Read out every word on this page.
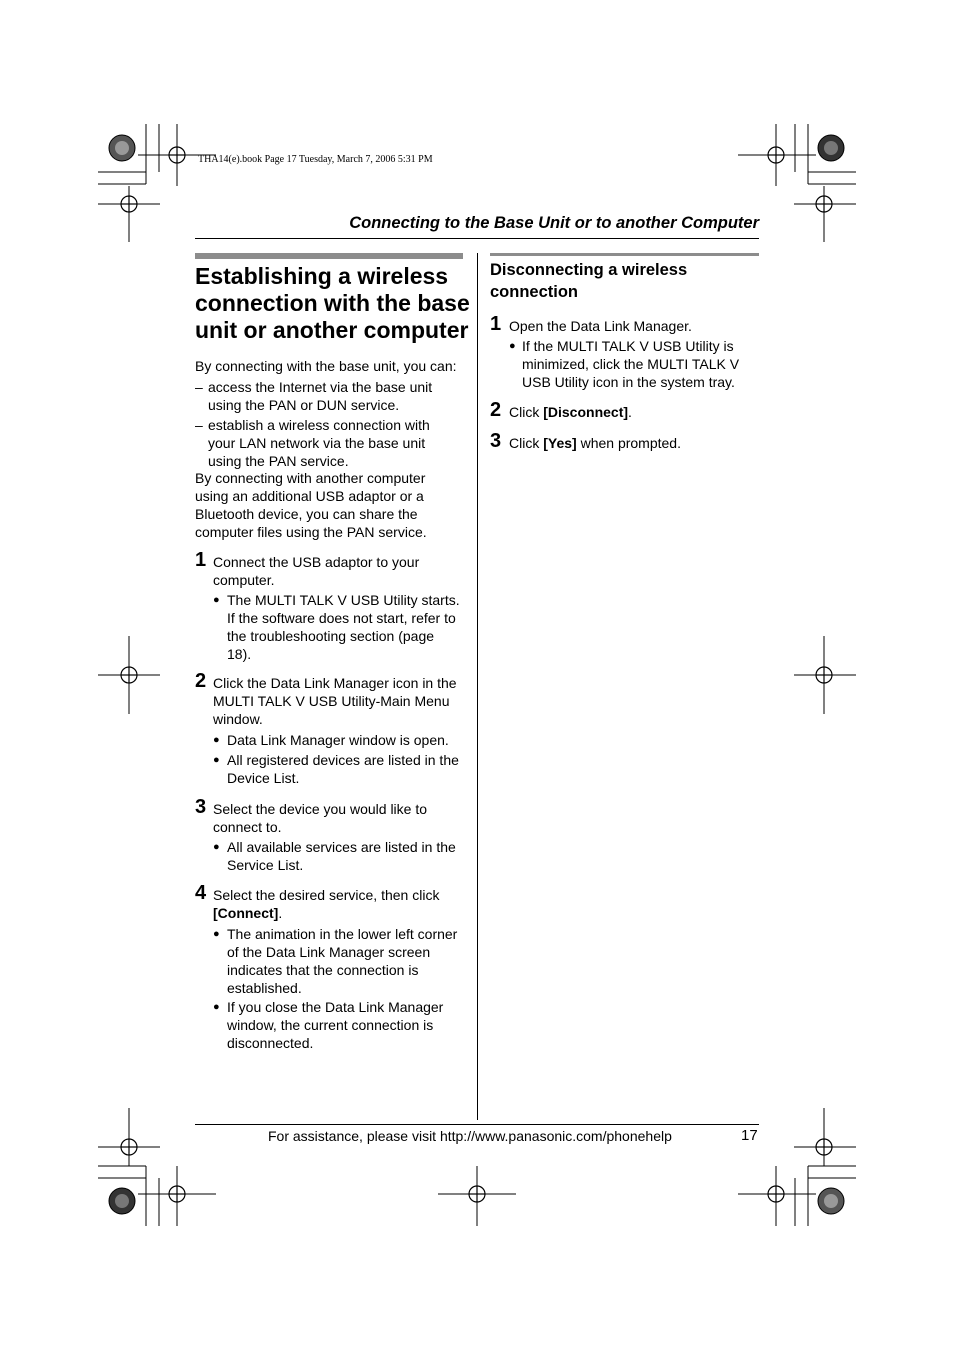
THA14(e).book Page 17 Tuesday, March 7, 2006 5:31 PM
Connecting to the Base Unit or to another Computer
Establishing a wireless
connection with the base
unit or another computer
By connecting with the base unit, you can:
– access the Internet via the base unit
using the PAN or DUN service.
– establish a wireless connection with
your LAN network via the base unit
using the PAN service.
By connecting with another computer
using an additional USB adaptor or a
Bluetooth device, you can share the
computer files using the PAN service.
1 Connect the USB adaptor to your
computer.
● The MULTI TALK V USB Utility starts.
If the software does not start, refer to
the troubleshooting section (page
18).
2 Click the Data Link Manager icon in the
MULTI TALK V USB Utility-Main Menu
window.
● Data Link Manager window is open.
● All registered devices are listed in the
Device List.
3 Select the device you would like to
connect to.
● All available services are listed in the
Service List.
4 Select the desired service, then click
[Connect].
● The animation in the lower left corner
of the Data Link Manager screen
indicates that the connection is
established.
● If you close the Data Link Manager
window, the current connection is
disconnected.
Disconnecting a wireless
connection
1 Open the Data Link Manager.
● If the MULTI TALK V USB Utility is
minimized, click the MULTI TALK V
USB Utility icon in the system tray.
2 Click [Disconnect].
3 Click [Yes] when prompted.
For assistance, please visit http://www.panasonic.com/phonehelp	17
